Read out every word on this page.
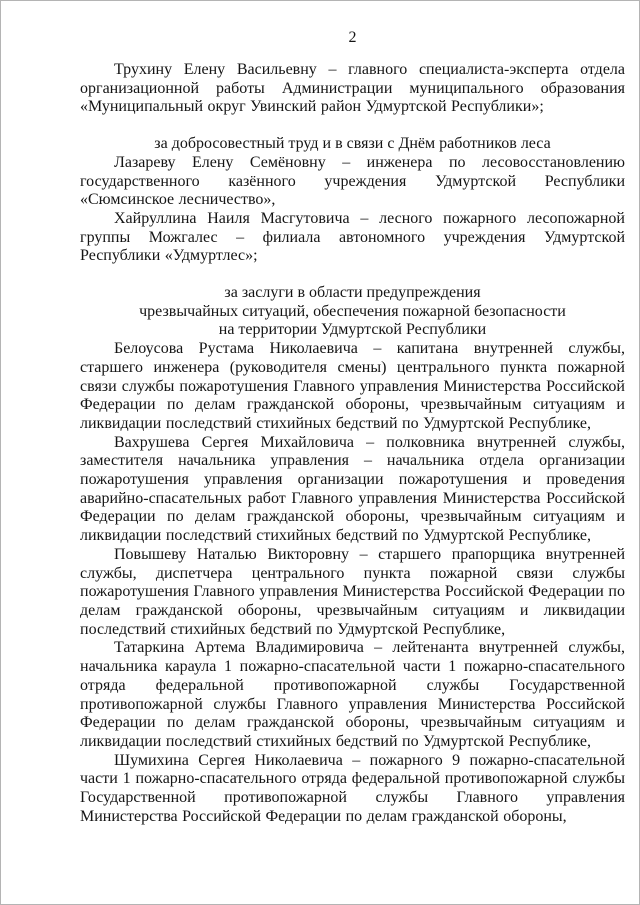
2

Трухину Елену Васильевну – главного специалиста-эксперта отдела организационной работы Администрации муниципального образования «Муниципальный округ Увинский район Удмуртской Республики»;

за добросовестный труд и в связи с Днём работников леса

Лазареву Елену Семёновну – инженера по лесовосстановлению государственного казённого учреждения Удмуртской Республики «Сюмсинское лесничество»,

Хайруллина Наиля Масгутовича – лесного пожарного лесопожарной группы Можгалес – филиала автономного учреждения Удмуртской Республики «Удмуртлес»;

за заслуги в области предупреждения

чрезвычайных ситуаций, обеспечения пожарной безопасности

на территории Удмуртской Республики

Белоусова Рустама Николаевича – капитана внутренней службы, старшего инженера (руководителя смены) центрального пункта пожарной связи службы пожаротушения Главного управления Министерства Российской Федерации по делам гражданской обороны, чрезвычайным ситуациям и ликвидации последствий стихийных бедствий по Удмуртской Республике,

Вахрушева Сергея Михайловича – полковника внутренней службы, заместителя начальника управления – начальника отдела организации пожаротушения управления организации пожаротушения и проведения аварийно-спасательных работ Главного управления Министерства Российской Федерации по делам гражданской обороны, чрезвычайным ситуациям и ликвидации последствий стихийных бедствий по Удмуртской Республике,

Повышеву Наталью Викторовну – старшего прапорщика внутренней службы, диспетчера центрального пункта пожарной связи службы пожаротушения Главного управления Министерства Российской Федерации по делам гражданской обороны, чрезвычайным ситуациям и ликвидации последствий стихийных бедствий по Удмуртской Республике,

Татаркина Артема Владимировича – лейтенанта внутренней службы, начальника караула 1 пожарно-спасательной части 1 пожарно-спасательного отряда федеральной противопожарной службы Государственной противопожарной службы Главного управления Министерства Российской Федерации по делам гражданской обороны, чрезвычайным ситуациям и ликвидации последствий стихийных бедствий по Удмуртской Республике,

Шумихина Сергея Николаевича – пожарного 9 пожарно-спасательной части 1 пожарно-спасательного отряда федеральной противопожарной службы Государственной противопожарной службы Главного управления Министерства Российской Федерации по делам гражданской обороны,
